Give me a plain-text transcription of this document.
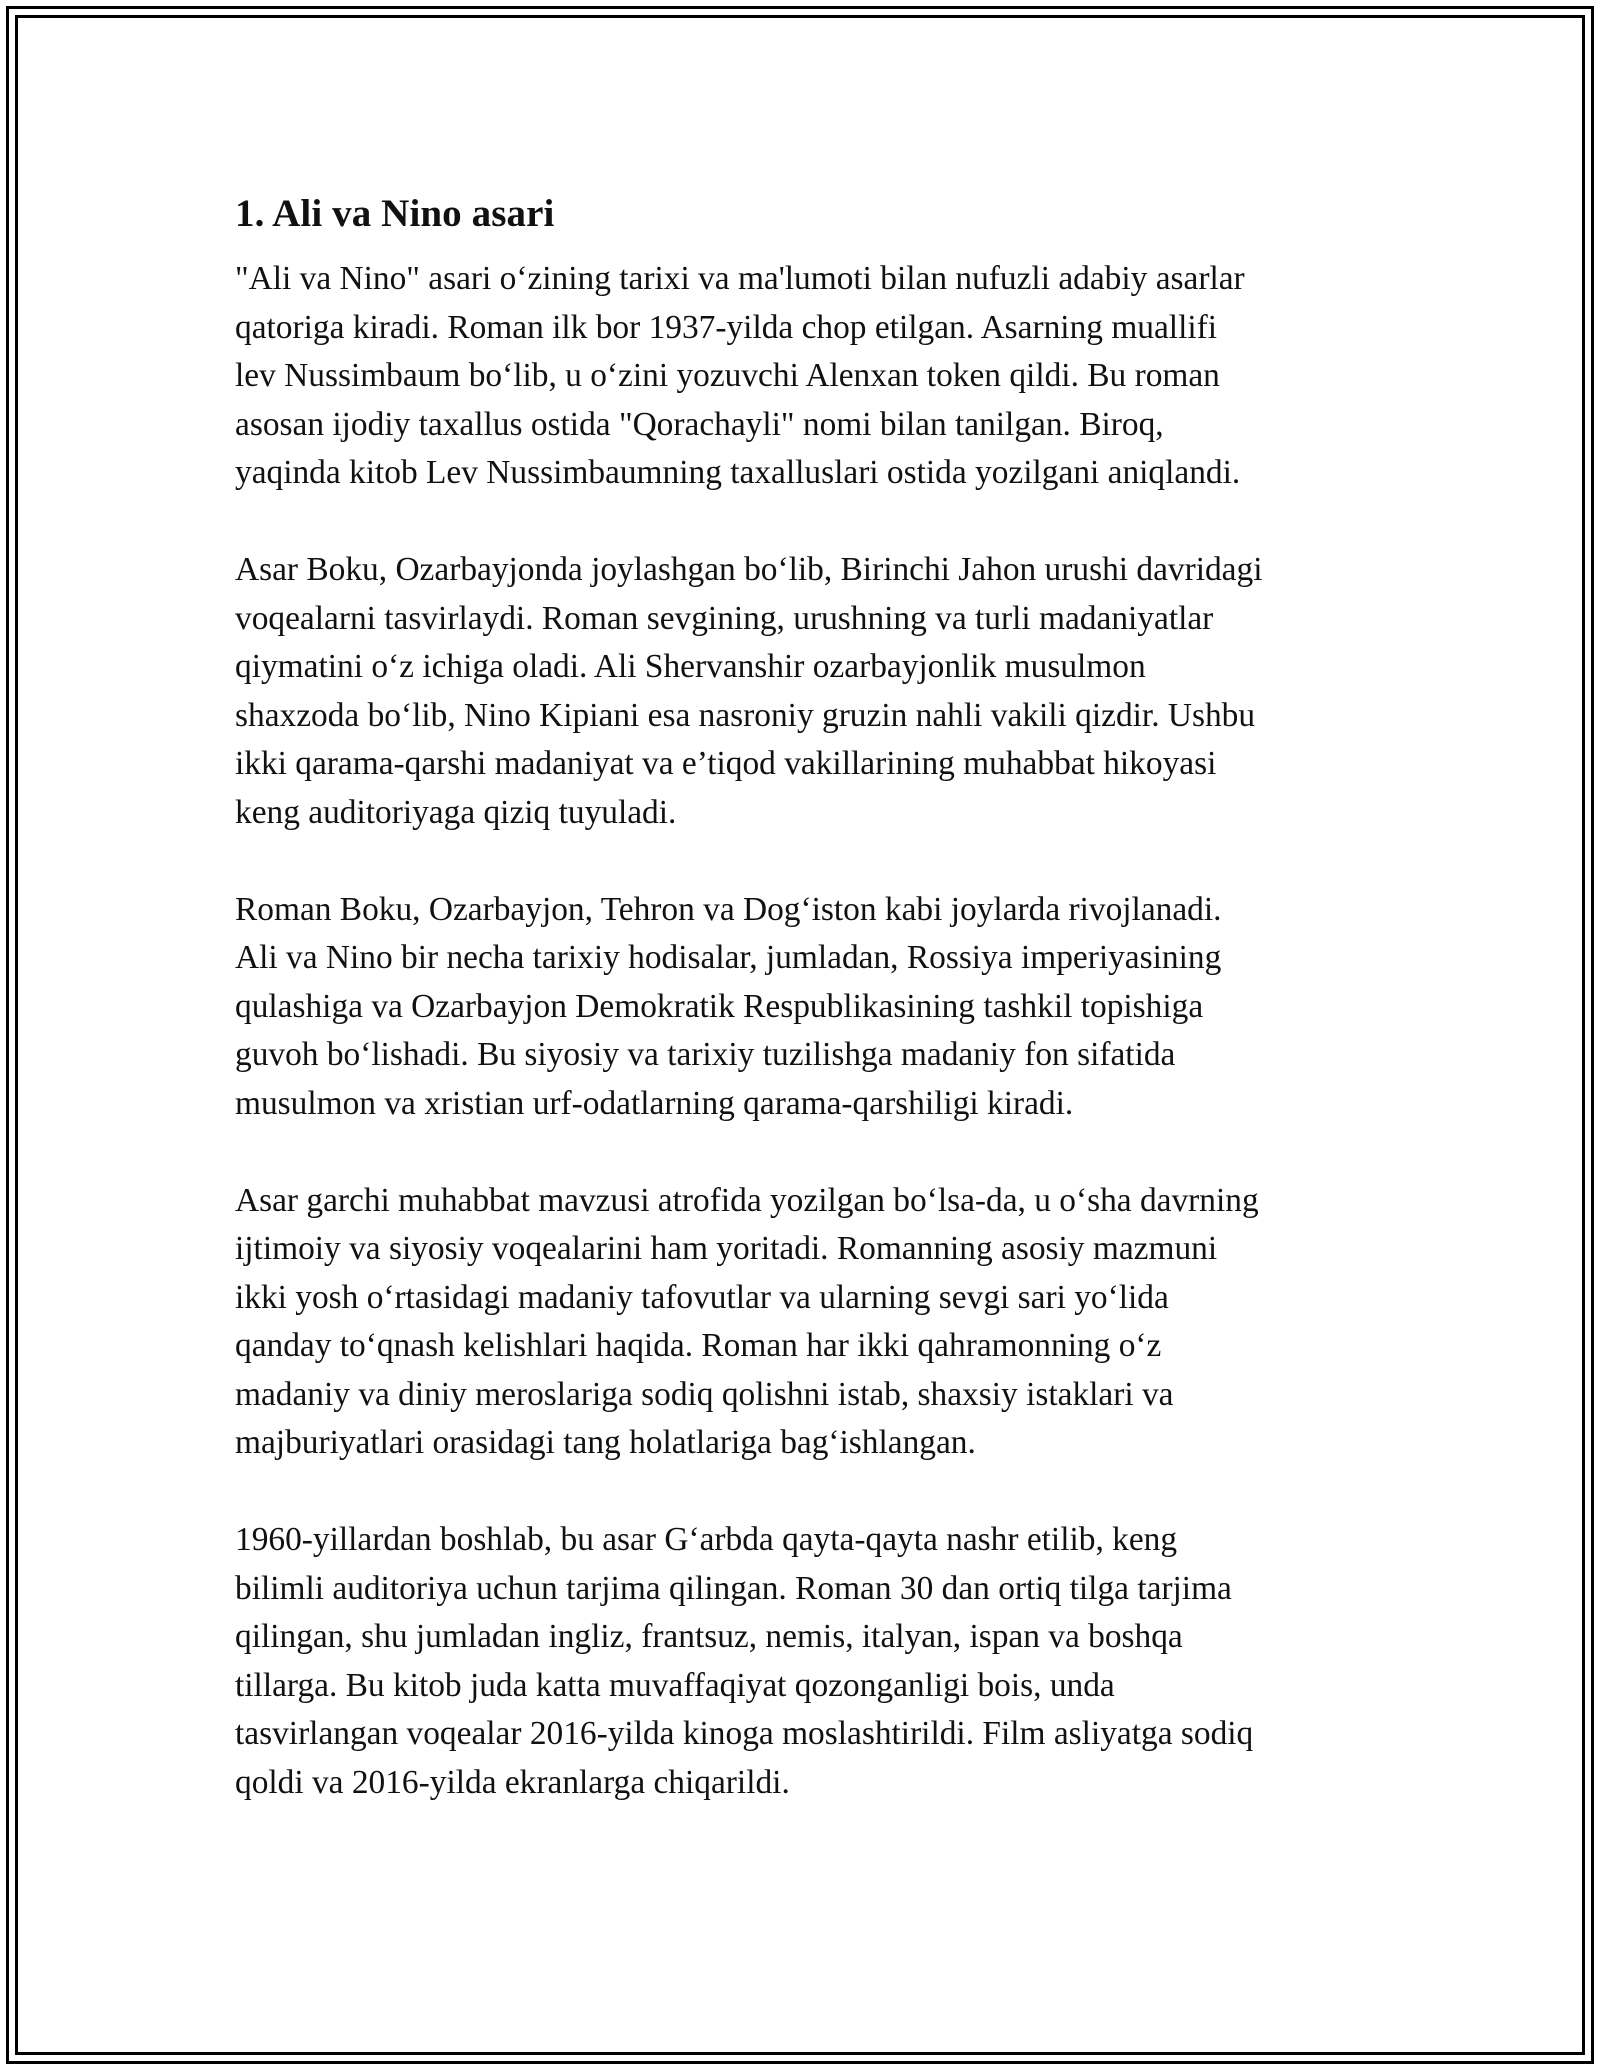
1. Ali va Nino asari

"Ali va Nino" asari o‘zining tarixi va ma'lumoti bilan nufuzli adabiy asarlar
qatoriga kiradi. Roman ilk bor 1937-yilda chop etilgan. Asarning muallifi
lev Nussimbaum bo‘lib, u o‘zini yozuvchi Alenxan token qildi. Bu roman
asosan ijodiy taxallus ostida "Qorachayli" nomi bilan tanilgan. Biroq,
yaqinda kitob Lev Nussimbaumning taxalluslari ostida yozilgani aniqlandi.

Asar Boku, Ozarbayjonda joylashgan bo‘lib, Birinchi Jahon urushi davridagi
voqealarni tasvirlaydi. Roman sevgining, urushning va turli madaniyatlar
qiymatini o‘z ichiga oladi. Ali Shervanshir ozarbayjonlik musulmon
shaxzoda bo‘lib, Nino Kipiani esa nasroniy gruzin nahli vakili qizdir. Ushbu
ikki qarama-qarshi madaniyat va e’tiqod vakillarining muhabbat hikoyasi
keng auditoriyaga qiziq tuyuladi.

Roman Boku, Ozarbayjon, Tehron va Dog‘iston kabi joylarda rivojlanadi.
Ali va Nino bir necha tarixiy hodisalar, jumladan, Rossiya imperiyasining
qulashiga va Ozarbayjon Demokratik Respublikasining tashkil topishiga
guvoh bo‘lishadi. Bu siyosiy va tarixiy tuzilishga madaniy fon sifatida
musulmon va xristian urf-odatlarning qarama-qarshiligi kiradi.

Asar garchi muhabbat mavzusi atrofida yozilgan bo‘lsa-da, u o‘sha davrning
ijtimoiy va siyosiy voqealarini ham yoritadi. Romanning asosiy mazmuni
ikki yosh o‘rtasidagi madaniy tafovutlar va ularning sevgi sari yo‘lida
qanday to‘qnash kelishlari haqida. Roman har ikki qahramonning o‘z
madaniy va diniy meroslariga sodiq qolishni istab, shaxsiy istaklari va
majburiyatlari orasidagi tang holatlariga bag‘ishlangan.

1960-yillardan boshlab, bu asar G‘arbda qayta-qayta nashr etilib, keng
bilimli auditoriya uchun tarjima qilingan. Roman 30 dan ortiq tilga tarjima
qilingan, shu jumladan ingliz, frantsuz, nemis, italyan, ispan va boshqa
tillarga. Bu kitob juda katta muvaffaqiyat qozonganligi bois, unda
tasvirlangan voqealar 2016-yilda kinoga moslashtirildi. Film asliyatga sodiq
qoldi va 2016-yilda ekranlarga chiqarildi.
